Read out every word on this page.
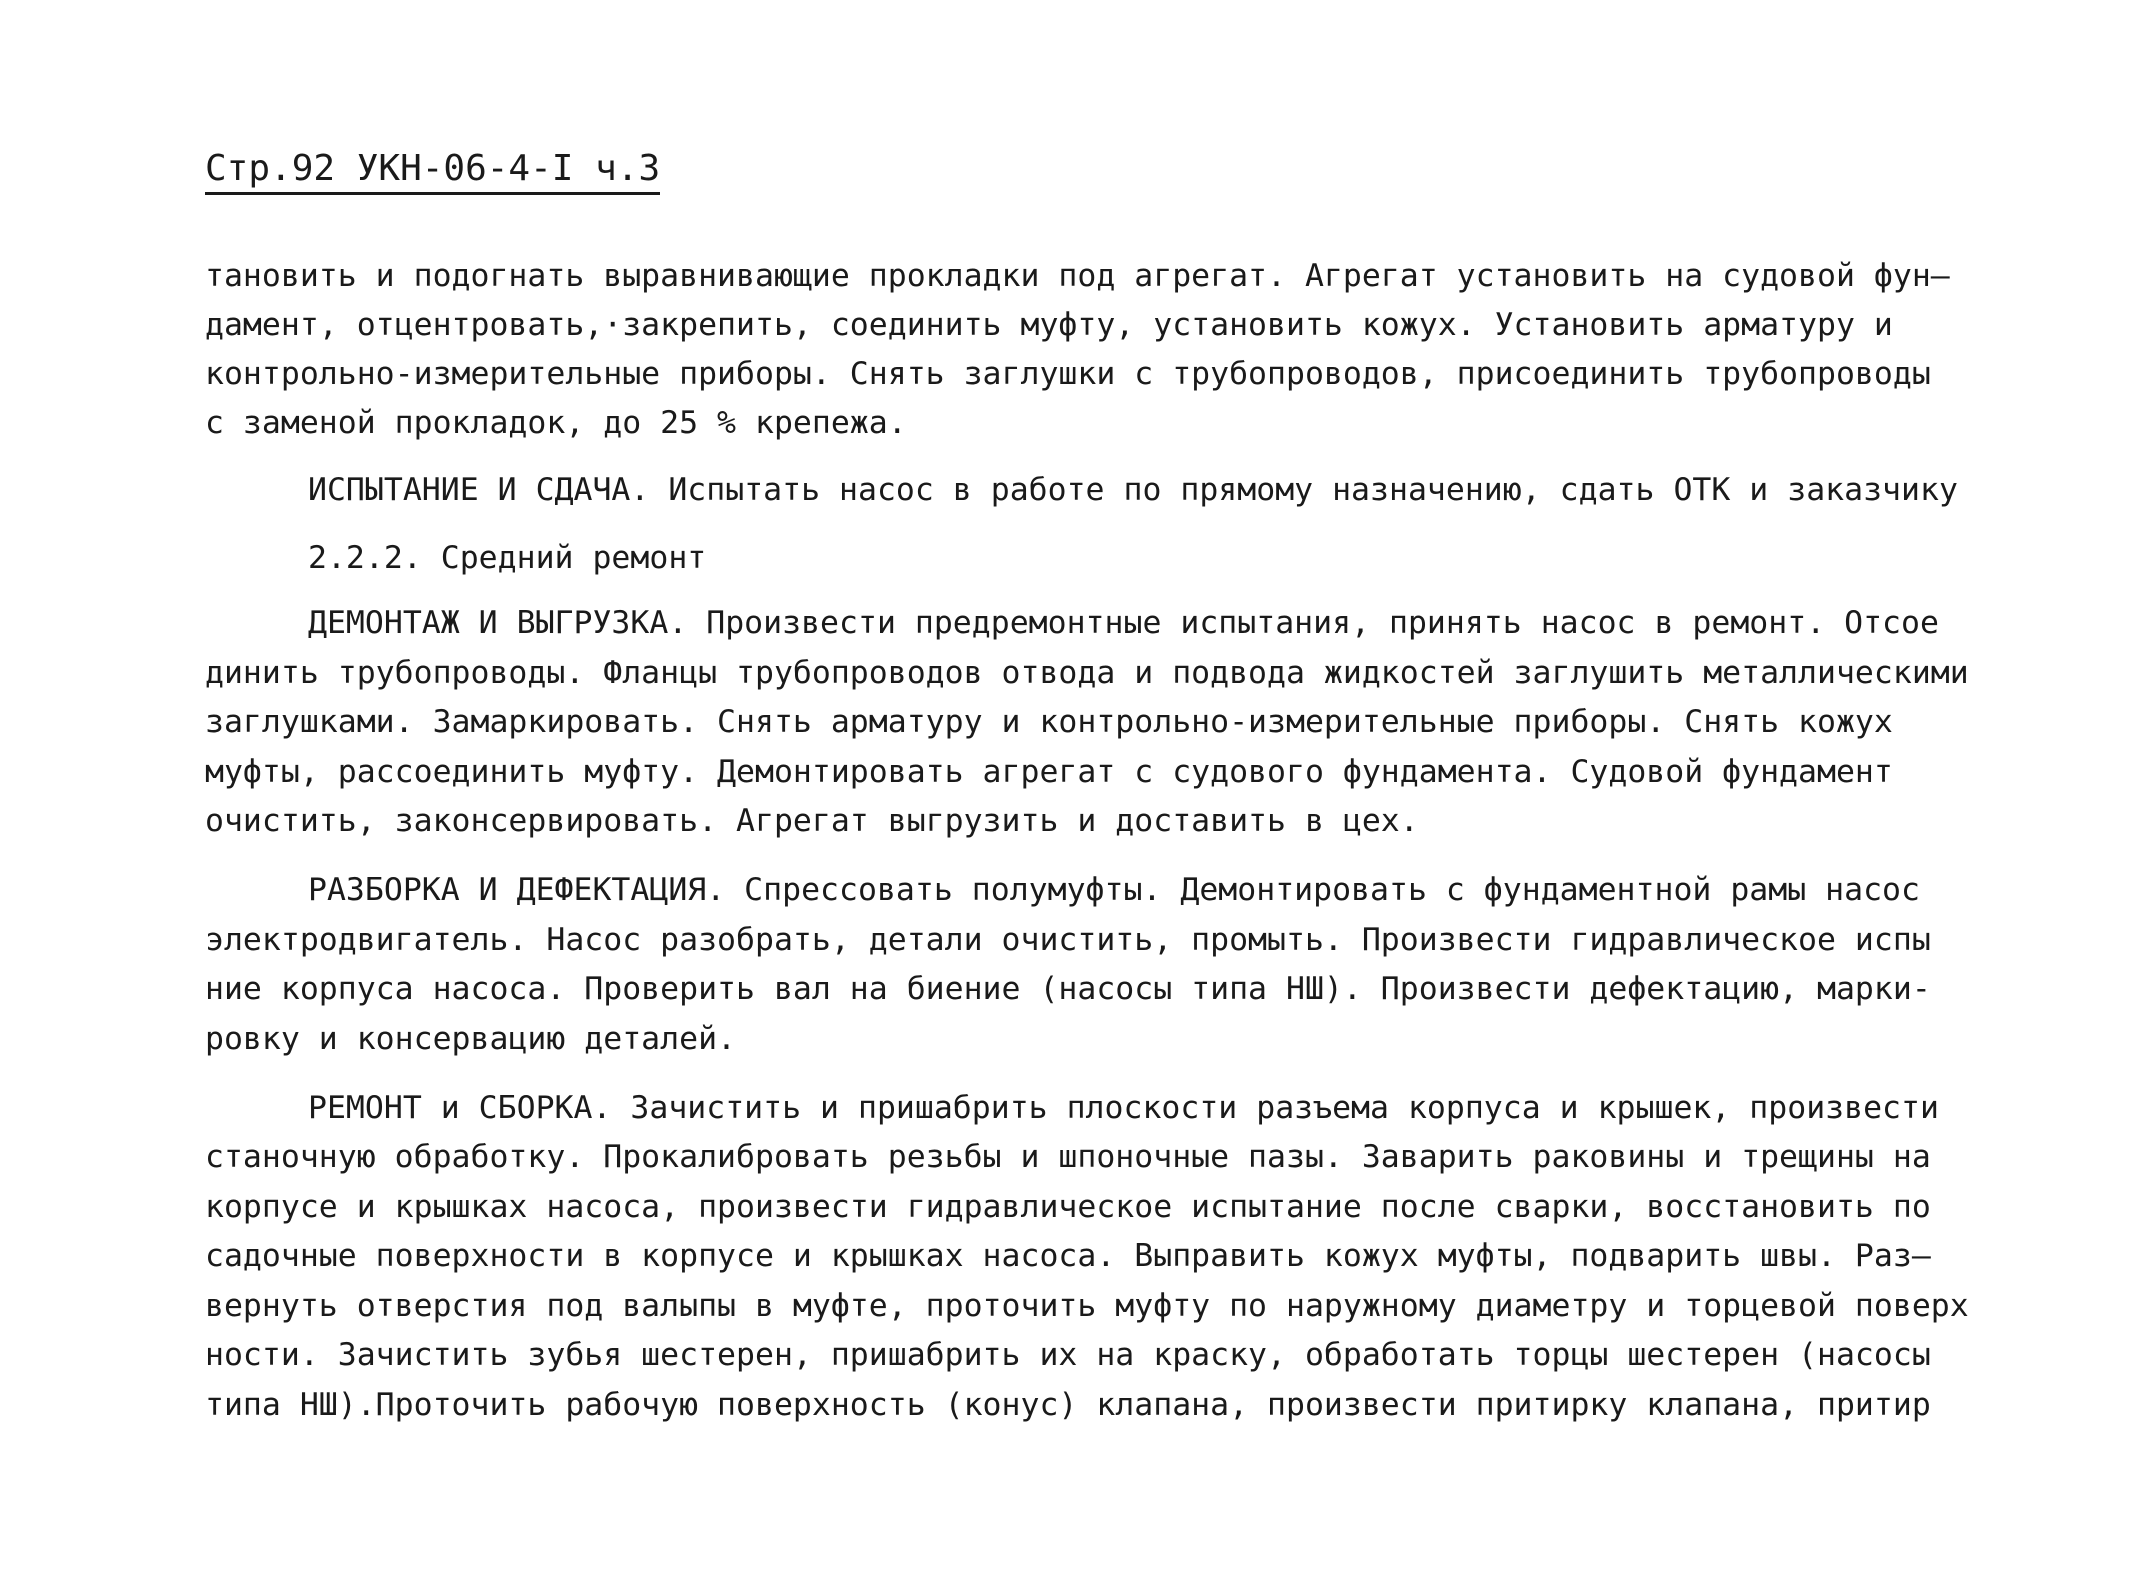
Стр.92 УКН-06-4-I ч.3
тановить и подогнать выравнивающие прокладки под агрегат. Агрегат установить на судовой фун–
дамент, отцентровать,·закрепить, соединить муфту, установить кожух. Установить арматуру и
контрольно-измерительные приборы. Снять заглушки с трубопроводов, присоединить трубопроводы
с заменой прокладок, до 25 % крепежа.
ИСПЫТАНИЕ И СДАЧА. Испытать насос в работе по прямому назначению, сдать ОТК и заказчику
2.2.2. Средний ремонт
ДЕМОНТАЖ И ВЫГРУЗКА. Произвести предремонтные испытания, принять насос в ремонт. Отсое
динить трубопроводы. Фланцы трубопроводов отвода и подвода жидкостей заглушить металлическими
заглушками. Замаркировать. Снять арматуру и контрольно-измерительные приборы. Снять кожух
муфты, рассоединить муфту. Демонтировать агрегат с судового фундамента. Судовой фундамент
очистить, законсервировать. Агрегат выгрузить и доставить в цех.
РАЗБОРКА И ДЕФЕКТАЦИЯ. Спрессовать полумуфты. Демонтировать с фундаментной рамы насос
электродвигатель. Насос разобрать, детали очистить, промыть. Произвести гидравлическое испы
ние корпуса насоса. Проверить вал на биение (насосы типа НШ). Произвести дефектацию, марки-
ровку и консервацию деталей.
РЕМОНТ и СБОРКА. Зачистить и пришабрить плоскости разъема корпуса и крышек, произвести
станочную обработку. Прокалибровать резьбы и шпоночные пазы. Заварить раковины и трещины на
корпусе и крышках насоса, произвести гидравлическое испытание после сварки, восстановить по
садочные поверхности в корпусе и крышках насоса. Выправить кожух муфты, подварить швы. Раз–
вернуть отверстия под валыпы в муфте, проточить муфту по наружному диаметру и торцевой поверх
ности. Зачистить зубья шестерен, пришабрить их на краску, обработать торцы шестерен (насосы
типа НШ).Проточить рабочую поверхность (конус) клапана, произвести притирку клапана, притир
